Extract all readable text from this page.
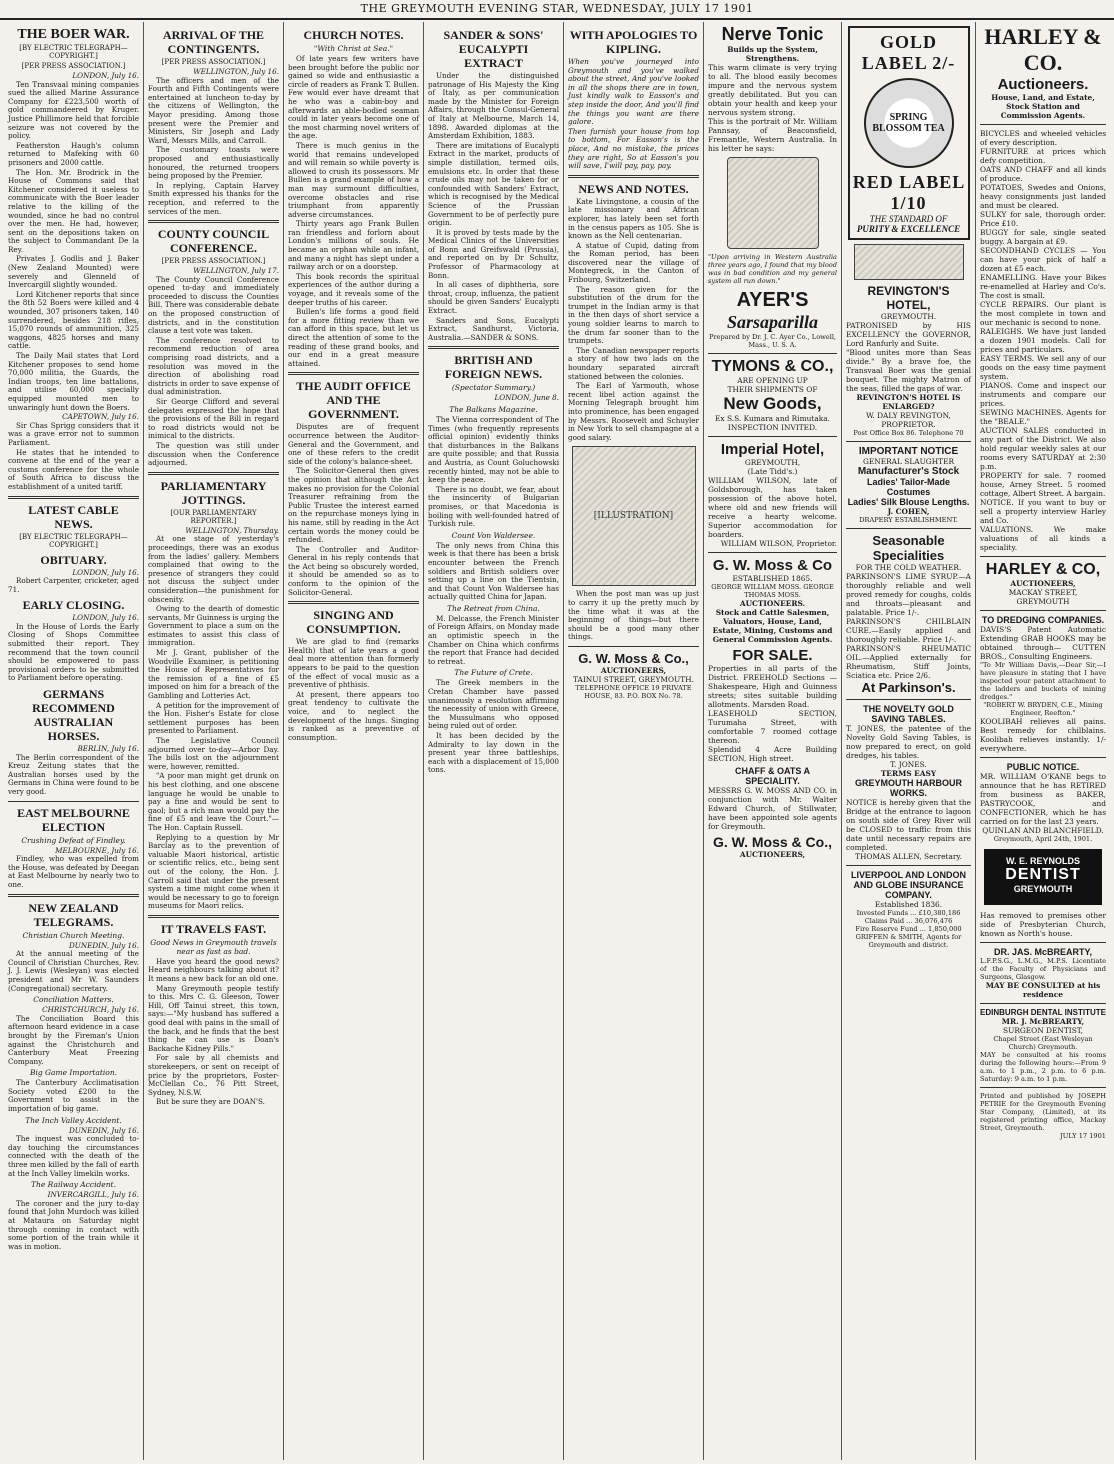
THE GREYMOUTH EVENING STAR, WEDNESDAY, JULY 17 1901
THE BOER WAR.
[BY ELECTRIC TELEGRAPH—COPYRIGHT.]
[PER PRESS ASSOCIATION.]
LONDON, July 16.
Ten Transvaal mining companies sued the allied Marine Assurance Company for £223,500 worth of gold commandeered by Kruger. Justice Phillimore held that forcible seizure was not covered by the policy.
Featherston Haugh's column returned to Mafeking with 60 prisoners and 2000 cattle.
The Hon. Mr. Brodrick in the House of Commons said that Kitchener considered it useless to communicate with the Boer leader relative to the killing of the wounded, since he had no control over the men. He had, however, sent on the depositions taken on the subject to Commandant De la Rey.
Privates J. Godlis and J. Baker (New Zealand Mounted) were severely and Glenneld of Invercargill slightly wounded.
Lord Kitchener reports that since the 8th 52 Boers were killed and 4 wounded, 307 prisoners taken, 140 surrendered, besides 218 rifles, 15,070 rounds of ammunition, 325 waggons, 4825 horses and many cattle.
The Daily Mail states that Lord Kitchener proposes to send home 70,000 militia, the Guards, the Indian troops, ten line battalions, and utilise 60,000 specially equipped mounted men to unwaringly hunt down the Boers.
CAPETOWN, July 16.
Sir Chas Sprigg considers that it was a grave error not to summon Parliament.
He states that he intended to convene at the end of the year a customs conference for the whole of South Africa to discuss the establishment of a united tariff.
LATEST CABLE NEWS.
[BY ELECTRIC TELEGRAPH—COPYRIGHT.]
OBITUARY.
LONDON, July 16.
Robert Carpenter, cricketer, aged 71.
EARLY CLOSING.
LONDON, July 16.
In the House of Lords the Early Closing of Shops Committee submitted their report. They recommend that the town council should be empowered to pass provisional orders to be submitted to Parliament before operating.
GERMANS RECOMMEND AUSTRALIAN HORSES.
BERLIN, July 16.
The Berlin correspondent of the Kreuz Zeitung states that the Australian horses used by the Germans in China were found to be very good.
EAST MELBOURNE ELECTION
Crushing Defeat of Findley.
MELBOURNE, July 16.
Findley, who was expelled from the House, was defeated by Deegan at East Melbourne by nearly two to one.
NEW ZEALAND TELEGRAMS.
Christian Church Meeting.
DUNEDIN, July 16.
At the annual meeting of the Council of Christian Churches, Rev. J. J. Lewis (Wesleyan) was elected president and Mr W. Saunders (Congregational) secretary.
Conciliation Matters.
CHRISTCHURCH, July 16.
The Conciliation Board this afternoon heard evidence in a case brought by the Fireman's Union against the Christchurch and Canterbury Meat Freezing Company.
Big Game Importation.
The Canterbury Acclimatisation Society voted £200 to the Government to assist in the importation of big game.
The Inch Valley Accident.
DUNEDIN, July 16.
The inquest was concluded to-day touching the circumstances connected with the death of the three men killed by the fall of earth at the Inch Valley limekiln works.
The Railway Accident.
INVERCARGILL, July 16.
The coroner and the jury to-day found that John Murdoch was killed at Mataura on Saturday night through coming in contact with some portion of the train while it was in motion.
ARRIVAL OF THE CONTINGENTS.
[PER PRESS ASSOCIATION.]
WELLINGTON, July 16.
The officers and men of the Fourth and Fifth Contingents were entertained at luncheon to-day by the citizens of Wellington, the Mayor presiding. Among those present were the Premier and Ministers, Sir Joseph and Lady Ward, Messrs Mills, and Carroll.
The customary toasts were proposed and enthusiastically honoured, the returned troopers being proposed by the Premier.
In replying, Captain Harvey Smith expressed his thanks for the reception, and referred to the services of the men.
COUNTY COUNCIL CONFERENCE.
[PER PRESS ASSOCIATION.]
WELLINGTON, July 17.
The County Council Conference opened to-day and immediately proceeded to discuss the Counties Bill. There was considerable debate on the proposed construction of districts, and in the constitution clause a test vote was taken.
The conference resolved to recommend reduction of area comprising road districts, and a resolution was moved in the direction of abolishing road districts in order to save expense of dual administration.
Sir George Clifford and several delegates expressed the hope that the provisions of the Bill in regard to road districts would not be inimical to the districts.
The question was still under discussion when the Conference adjourned.
PARLIAMENTARY JOTTINGS.
[OUR PARLIAMENTARY REPORTER.]
WELLINGTON, Thursday.
At one stage of yesterday's proceedings, there was an exodus from the ladies' gallery. Members complained that owing to the presence of strangers they could not discuss the subject under consideration—the punishment for obscenity.
Owing to the dearth of domestic servants, Mr Guinness is urging the Government to place a sum on the estimates to assist this class of immigration.
Mr J. Grant, publisher of the Woodville Examiner, is petitioning the House of Representatives for the remission of a fine of £5 imposed on him for a breach of the Gambling and Lotteries Act.
A petition for the improvement of the Hon. Fisher's Estate for close settlement purposes has been presented to Parliament.
The Legislative Council adjourned over to-day—Arbor Day. The bills lost on the adjournment were, however, remitted.
"A poor man might get drunk on his best clothing, and one obscene language he would be unable to pay a fine and would be sent to gaol; but a rich man would pay the fine of £5 and leave the Court."—The Hon. Captain Russell.
Replying to a question by Mr Barclay as to the prevention of valuable Maori historical, artistic or scientific relics, etc., being sent out of the colony, the Hon. J. Carroll said that under the present system a time might come when it would be necessary to go to foreign museums for Maori relics.
IT TRAVELS FAST.
Good News in Greymouth travels near as fast as bad.
Have you heard the good news? Heard neighbours talking about it? It means a new back for an old one.
Many Greymouth people testify to this. Mrs C. G. Gleeson, Tower Hill, Off Tainui street, this town, says:—"My husband has suffered a good deal with pains in the small of the back, and he finds that the best thing he can use is Doan's Backache Kidney Pills."
For sale by all chemists and storekeepers, or sent on receipt of price by the proprietors, Foster-McClellan Co., 76 Pitt Street, Sydney, N.S.W.
But be sure they are DOAN'S.
CHURCH NOTES.
"With Christ at Sea."
Of late years few writers have been brought before the public nor gained so wide and enthusiastic a circle of readers as Frank T. Bullen. Few would ever have dreamt that he who was a cabin-boy and afterwards an able-bodied seaman could in later years become one of the most charming novel writers of the age.
There is much genius in the world that remains undeveloped and will remain so while poverty is allowed to crush its possessors. Mr Bullen is a grand example of how a man may surmount difficulties, overcome obstacles and rise triumphant from apparently adverse circumstances.
Thirty years ago Frank Bullen ran friendless and forlorn about London's millions of souls. He became an orphan while an infant, and many a night has slept under a railway arch or on a doorstep.
This book records the spiritual experiences of the author during a voyage, and it reveals some of the deeper truths of his career.
Bullen's life forms a good field for a more fitting review than we can afford in this space, but let us direct the attention of some to the reading of these grand books, and our end in a great measure attained.
THE AUDIT OFFICE AND THE GOVERNMENT.
Disputes are of frequent occurrence between the Auditor-General and the Government, and one of these refers to the credit side of the colony's balance-sheet.
The Solicitor-General then gives the opinion that although the Act makes no provision for the Colonial Treasurer refraining from the Public Trustee the interest earned on the repurchase moneys lying in his name, still by reading in the Act certain words the money could be refunded.
The Controller and Auditor-General in his reply contends that the Act being so obscurely worded, it should be amended so as to conform to the opinion of the Solicitor-General.
SINGING AND CONSUMPTION.
We are glad to find (remarks Health) that of late years a good deal more attention than formerly appears to be paid to the question of the effect of vocal music as a preventive of phthisis.
At present, there appears too great tendency to cultivate the voice, and to neglect the development of the lungs. Singing is ranked as a preventive of consumption.
SANDER & SONS' EUCALYPTI EXTRACT
Under the distinguished patronage of His Majesty the King of Italy, as per communication made by the Minister for Foreign Affairs, through the Consul-General of Italy at Melbourne, March 14, 1898. Awarded diplomas at the Amsterdam Exhibition, 1883.
There are imitations of Eucalypti Extract in the market, products of simple distillation, termed oils, emulsions etc. In order that these crude oils may not be taken for or confounded with Sanders' Extract, which is recognised by the Medical Science of the Prussian Government to be of perfectly pure origin.
It is proved by tests made by the Medical Clinics of the Universities of Bonn and Greifswald (Prussia), and reported on by Dr Schultz, Professor of Pharmacology at Bonn.
In all cases of diphtheria, sore throat, croup, influenza, the patient should be given Sanders' Eucalypti Extract.
Sanders and Sons, Eucalypti Extract, Sandhurst, Victoria, Australia.—SANDER & SONS.
BRITISH AND FOREIGN NEWS.
(Spectator Summary.)
LONDON, June 8.
The Balkans Magazine.
The Vienna correspondent of The Times (who frequently represents official opinion) evidently thinks that disturbances in the Balkans are quite possible; and that Russia and Austria, as Count Goluchowski recently hinted, may not be able to keep the peace.
There is no doubt, we fear, about the insincerity of Bulgarian promises, or that Macedonia is boiling with well-founded hatred of Turkish rule.
Count Von Waldersee.
The only news from China this week is that there has been a brisk encounter between the French soldiers and British soldiers over setting up a line on the Tientsin, and that Count Von Waldersee has actually quitted China for Japan.
The Retreat from China.
M. Delcasse, the French Minister of Foreign Affairs, on Monday made an optimistic speech in the Chamber on China which confirms the report that France had decided to retreat.
The Future of Crete.
The Greek members in the Cretan Chamber have passed unanimously a resolution affirming the necessity of union with Greece, the Mussulmans who opposed being ruled out of order.
It has been decided by the Admiralty to lay down in the present year three battleships, each with a displacement of 15,000 tons.
WITH APOLOGIES TO KIPLING.
When you've journeyed into Greymouth and you've walked about the street, And you've looked in all the shops there are in town, Just kindly walk to Easson's and step inside the door, And you'll find the things you want are there galore.
Then furnish your house from top to bottom, For Easson's is the place, And no mistake, the prices they are right, So at Easson's you will save, I'will pay, pay, pay.
NEWS AND NOTES.
Kate Livingstone, a cousin of the late missionary and African explorer, has lately been set forth in the census papers as 105. She is known as the Nell centenarian.
A statue of Cupid, dating from the Roman period, has been discovered near the village of Montegreck, in the Canton of Fribourg, Switzerland.
The reason given for the substitution of the drum for the trumpet in the Indian army is that in the then days of short service a young soldier learns to march to the drum far sooner than to the trumpets.
The Canadian newspaper reports a story of how two lads on the boundary separated aircraft stationed between the colonies.
The Earl of Yarmouth, whose recent libel action against the Morning Telegraph brought him into prominence, has been engaged by Messrs. Roosevelt and Schuyler in New York to sell champagne at a good salary.
[ILLUSTRATION]
When the post man was up just to carry it up the pretty much by the time what it was at the beginning of things—but there should be a good many other things.
G. W. Moss & Co.,
AUCTIONEERS,
TAINUI STREET, GREYMOUTH.
TELEPHONE OFFICE 19 PRIVATE HOUSE, 83. P.O. BOX No. 78.
Nerve Tonic
Builds up the System, Strengthens.
This warm climate is very trying to all. The blood easily becomes impure and the nervous system greatly debilitated. But you can obtain your health and keep your nervous system strong.
This is the portrait of Mr. William Pannsay, of Beaconsfield, Fremantle, Western Australia. In his letter he says:
"Upon arriving in Western Australia three years ago, I found that my blood was in bad condition and my general system all run down."
AYER'S
Sarsaparilla
Prepared by Dr. J. C. Ayer Co., Lowell, Mass., U. S. A.
TYMONS & CO.,
ARE OPENING UP
THEIR SHIPMENTS OF
New Goods,
Ex S.S. Kumara and Rimutaka.
INSPECTION INVITED.
Imperial Hotel,
GREYMOUTH,
(Late Tidd's.)
WILLIAM WILSON, late of Goldsborough, has taken possession of the above hotel, where old and new friends will receive a hearty welcome. Superior accommodation for boarders.
WILLIAM WILSON, Proprietor.
G. W. Moss & Co
ESTABLISHED 1865.
GEORGE WILLIAM MOSS. GEORGE THOMAS MOSS.
AUCTIONEERS.
Stock and Cattle Salesmen, Valuators, House, Land, Estate, Mining, Customs and General Commission Agents.
FOR SALE.
Properties in all parts of the District. FREEHOLD Sections — Shakespeare, High and Guinness streets; sites suitable building allotments. Marsden Road.
LEASEHOLD SECTION, Turumaha Street, with comfortable 7 roomed cottage thereon.
Splendid 4 Acre Building SECTION, High street.
CHAFF & OATS A SPECIALITY.
MESSRS G. W. MOSS AND CO. in conjunction with Mr. Walter Edward Church, of Stillwater, have been appointed sole agents for Greymouth.
G. W. Moss & Co.,
AUCTIONEERS,
GOLD LABEL 2/-
SPRING BLOSSOM TEA
RED LABEL 1/10
THE STANDARD OF
PURITY & EXCELLENCE
REVINGTON'S HOTEL,
GREYMOUTH.
PATRONISED by HIS EXCELLENCY the GOVERNOR, Lord Ranfurly and Suite.
"Blood unites more than Seas divide." By a brave foe, the Transvaal Boer was the genial bouquet. The mighty Matron of the seas, filled the gaps of war.
REVINGTON'S HOTEL IS ENLARGED?
W. DALY REVINGTON, PROPRIETOR.
Post Office Box 86. Telephone 70
IMPORTANT NOTICE
GENERAL SLAUGHTER
Manufacturer's Stock
Ladies' Tailor-Made Costumes
Ladies' Silk Blouse Lengths.
J. COHEN,
DRAPERY ESTABLISHMENT.
Seasonable Specialities
FOR THE COLD WEATHER.
PARKINSON'S LIME SYRUP.—A thoroughly reliable and well proved remedy for coughs, colds and throats—pleasant and palatable. Price 1/-.
PARKINSON'S CHILBLAIN CURE.—Easily applied and thoroughly reliable. Price 1/-.
PARKINSON'S RHEUMATIC OIL.—Applied externally for Rheumatism, Stiff Joints, Sciatica etc. Price 2/6.
At Parkinson's.
THE NOVELTY GOLD SAVING TABLES.
T. JONES, the patentee of the Novelty Gold Saving Tables, is now prepared to erect, on gold dredges, his tables.
T. JONES.
TERMS EASY
GREYMOUTH HARBOUR WORKS.
NOTICE is hereby given that the Bridge at the entrance to lagoon on south side of Grey River will be CLOSED to traffic from this date until necessary repairs are completed.
THOMAS ALLEN, Secretary.
LIVERPOOL AND LONDON AND GLOBE INSURANCE COMPANY.
Established 1836.
Invested Funds ... £10,380,186
Claims Paid ... 36,076,476
Fire Reserve Fund ... 1,850,000
GRIFFEN & SMITH, Agents for Greymouth and district.
HARLEY & CO.
Auctioneers.
House, Land, and Estate, Stock Station and Commission Agents.
BICYCLES and wheeled vehicles of every description.
FURNITURE at prices which defy competition.
OATS AND CHAFF and all kinds of produce.
POTATOES, Swedes and Onions, heavy consignments just landed and must be cleared.
SULKY for sale, thorough order. Price £10.
BUGGY for sale, single seated buggy. A bargain at £9.
SECONDHAND CYCLES — You can have your pick of half a dozen at £5 each.
ENAMELLING. Have your Bikes re-enamelled at Harley and Co's. The cost is small.
CYCLE REPAIRS. Our plant is the most complete in town and our mechanic is second to none.
RALEIGHS. We have just landed a dozen 1901 models. Call for prices and particulars.
EASY TERMS. We sell any of our goods on the easy time payment system.
PIANOS. Come and inspect our instruments and compare our prices.
SEWING MACHINES. Agents for the "BEALE."
AUCTION SALES conducted in any part of the District. We also hold regular weekly sales at our rooms every SATURDAY at 2:30 p.m.
PROPERTY for sale. 7 roomed house, Arney Street. 5 roomed cottage, Albert Street. A bargain.
NOTICE. If you want to buy or sell a property interview Harley and Co.
VALUATIONS. We make valuations of all kinds a speciality.
HARLEY & CO,
AUCTIONEERS,
MACKAY STREET,
GREYMOUTH
TO DREDGING COMPANIES.
DAVIS'S Patent Automatic Extending GRAB HOOKS may be obtained through— CUTTEN BROS., Consulting Engineers.
"To Mr William Davis,—Dear Sir,—I have pleasure in stating that I have inspected your patent attachment to the ladders and buckets of mining dredges."
"ROBERT W. BRYDEN, C.E., Mining Engineer, Reefton."
KOOLIBAH relieves all pains. Best remedy for chilblains. Koolibah relieves instantly. 1/- everywhere.
PUBLIC NOTICE.
MR. WILLIAM O'KANE begs to announce that he has RETIRED from business as BAKER, PASTRYCOOK, and CONFECTIONER, which he has carried on for the last 23 years.
QUINLAN AND BLANCHFIELD.
Greymouth, April 24th, 1901.
W. E. REYNOLDS
DENTIST
GREYMOUTH
Has removed to premises other side of Presbyterian Church, known as North's house.
DR. JAS. McBREARTY,
L.F.P.S.G., L.M.G., M.P.S. Licentiate of the Faculty of Physicians and Surgeons, Glasgow.
MAY BE CONSULTED at his residence
EDINBURGH DENTAL INSTITUTE
MR. J. McBREARTY,
SURGEON DENTIST,
Chapel Street (East Wesleyan Church) Greymouth.
MAY be consulted at his rooms during the following hours:—From 9 a.m. to 1 p.m., 2 p.m. to 6 p.m. Saturday: 9 a.m. to 1 p.m.
Printed and published by JOSEPH PETRIE for the Greymouth Evening Star Company, (Limited), at its registered printing office, Mackay Street, Greymouth.
JULY 17 1901
